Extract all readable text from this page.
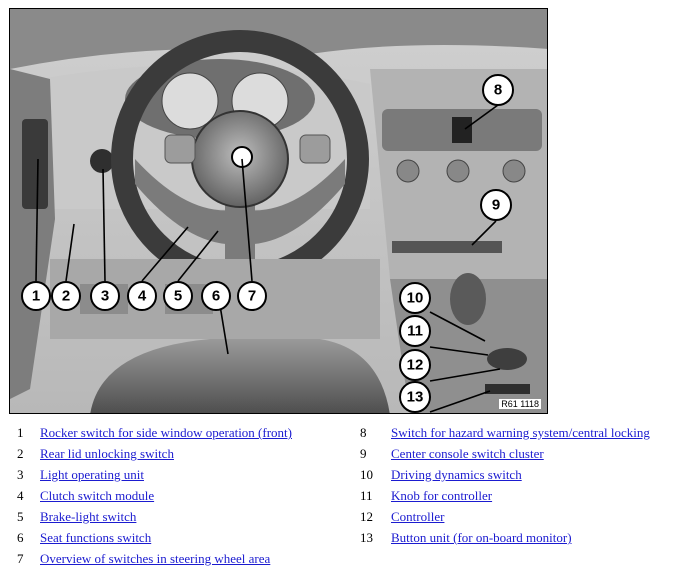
1 2 3 4 5 6 7
8
9
10
11
12
13	R61 1118
1 Rocker switch for side window operation (front)
2 Rear lid unlocking switch
3 Light operating unit
4 Clutch switch module
5 Brake-light switch
6 Seat functions switch
7 Overview of switches in steering wheel area
8 Switch for hazard warning system/central locking
9 Center console switch cluster
10 Driving dynamics switch
11 Knob for controller
12 Controller
13 Button unit (for on-board monitor)
